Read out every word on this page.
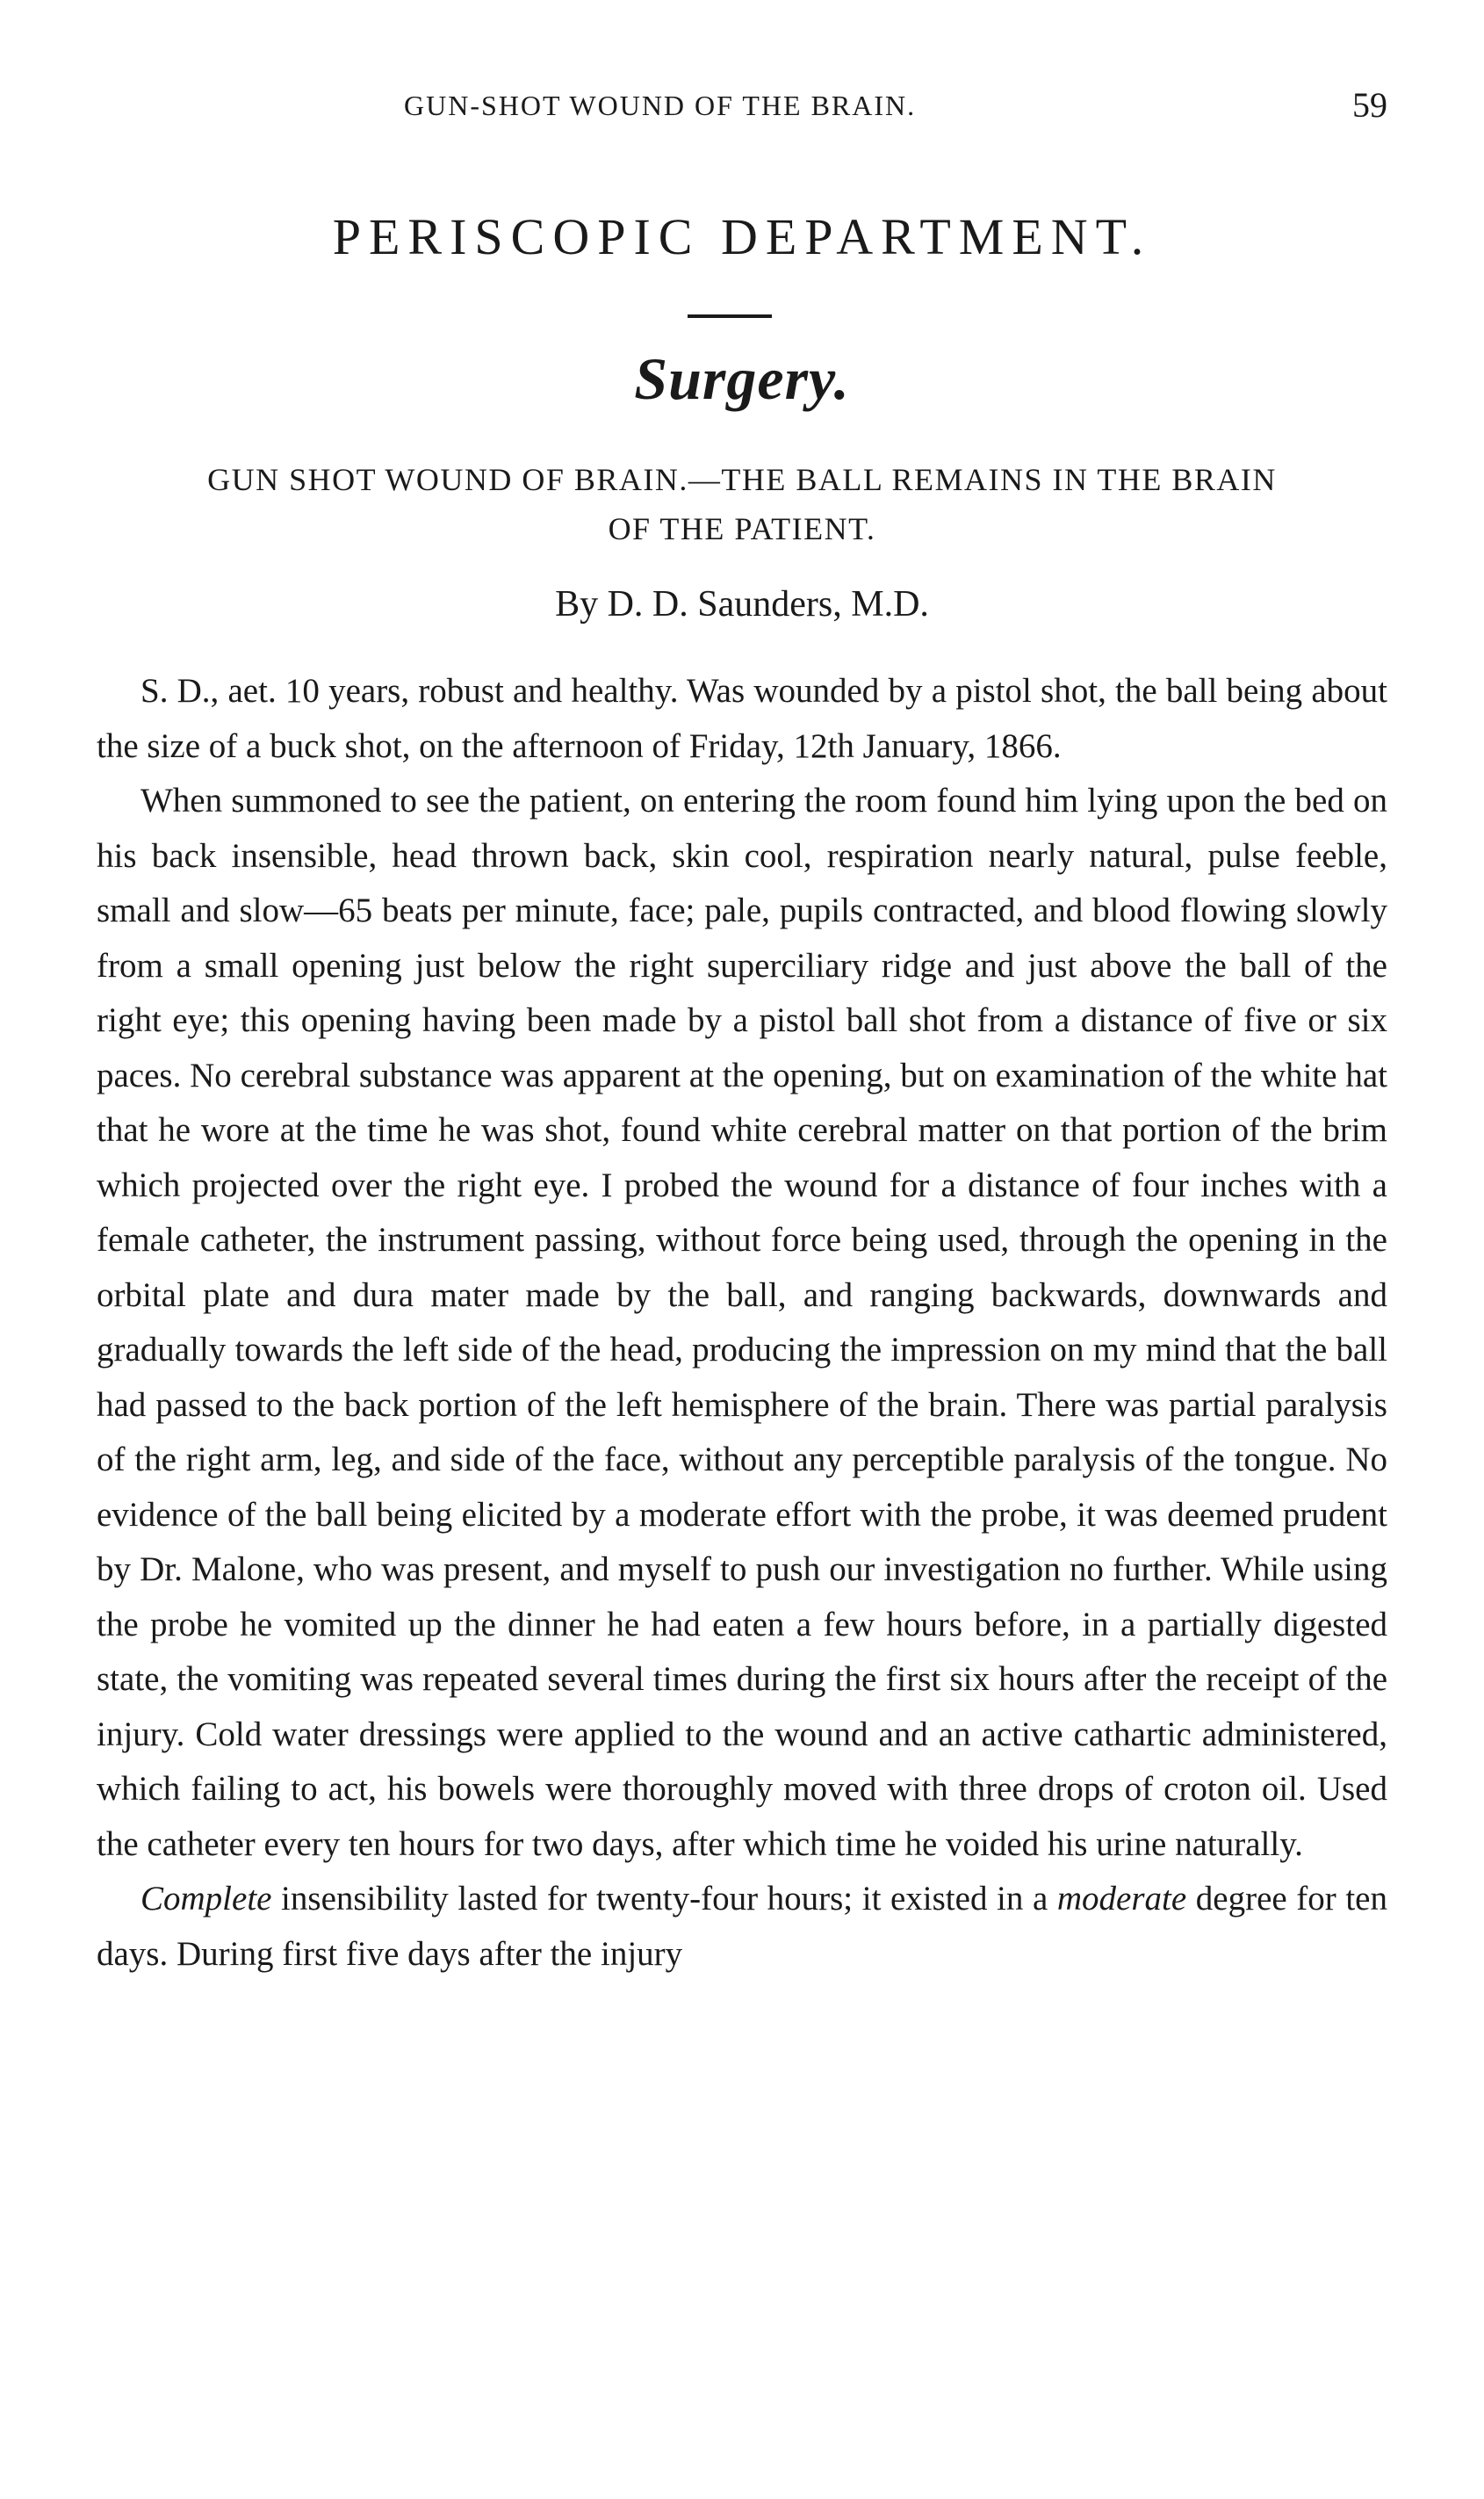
GUN-SHOT WOUND OF THE BRAIN.	59
PERISCOPIC DEPARTMENT.
Surgery.
GUN SHOT WOUND OF BRAIN.—THE BALL REMAINS IN THE BRAIN
OF THE PATIENT.
By D. D. Saunders, M.D.

S. D., aet. 10 years, robust and healthy. Was wounded by a pistol shot, the ball being about the size of a buck shot, on the afternoon of Friday, 12th January, 1866.

When summoned to see the patient, on entering the room found him lying upon the bed on his back insensible, head thrown back, skin cool, respiration nearly natural, pulse feeble, small and slow—65 beats per minute, face; pale, pupils contracted, and blood flowing slowly from a small opening just below the right superciliary ridge and just above the ball of the right eye; this opening having been made by a pistol ball shot from a distance of five or six paces. No cerebral substance was apparent at the opening, but on examination of the white hat that he wore at the time he was shot, found white cerebral matter on that portion of the brim which projected over the right eye. I probed the wound for a distance of four inches with a female catheter, the instrument passing, without force being used, through the opening in the orbital plate and dura mater made by the ball, and ranging backwards, downwards and gradually towards the left side of the head, producing the impression on my mind that the ball had passed to the back portion of the left hemisphere of the brain. There was partial paralysis of the right arm, leg, and side of the face, without any perceptible paralysis of the tongue. No evidence of the ball being elicited by a moderate effort with the probe, it was deemed prudent by Dr. Malone, who was present, and myself to push our investigation no further. While using the probe he vomited up the dinner he had eaten a few hours before, in a partially digested state, the vomiting was repeated several times during the first six hours after the receipt of the injury. Cold water dressings were applied to the wound and an active cathartic administered, which failing to act, his bowels were thoroughly moved with three drops of croton oil. Used the catheter every ten hours for two days, after which time he voided his urine naturally.

Complete insensibility lasted for twenty-four hours; it existed in a moderate degree for ten days. During first five days after the injury
